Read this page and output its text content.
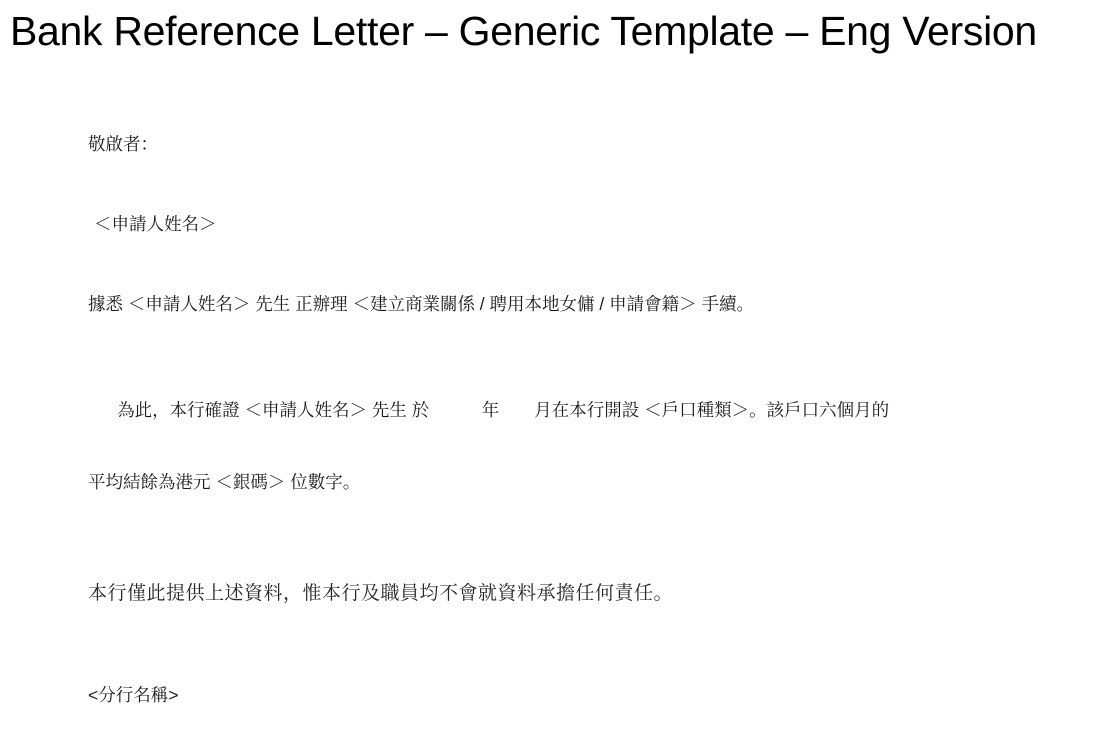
Bank Reference Letter – Generic Template – Eng Version
敬啟者：
＜申請人姓名＞
據悉 ＜申請人姓名＞ 先生 正辦理 ＜建立商業關係 / 聘用本地女傭 / 申請會籍＞ 手續。

為此，本行確證 ＜申請人姓名＞ 先生 於　　　年　　月在本行開設 ＜戶口種類＞。該戶口六個月的

平均結餘為港元 ＜銀碼＞ 位數字。

本行僅此提供上述資料，惟本行及職員均不會就資料承擔任何責任。
<分行名稱>
